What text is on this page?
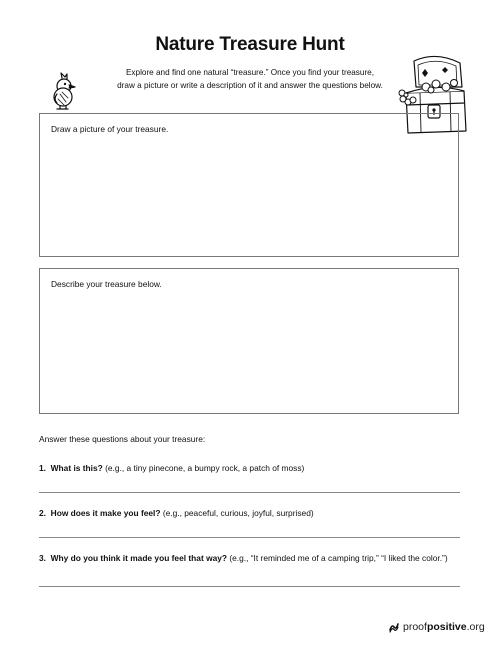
Nature Treasure Hunt
Explore and find one natural “treasure.” Once you find your treasure,
draw a picture or write a description of it and answer the questions below.
Draw a picture of your treasure.
Describe your treasure below.
Answer these questions about your treasure:
1. What is this? (e.g., a tiny pinecone, a bumpy rock, a patch of moss)
2. How does it make you feel? (e.g., peaceful, curious, joyful, surprised)
3. Why do you think it made you feel that way? (e.g., “It reminded me of a camping trip,” “I liked the color.”)
proof positive .org
